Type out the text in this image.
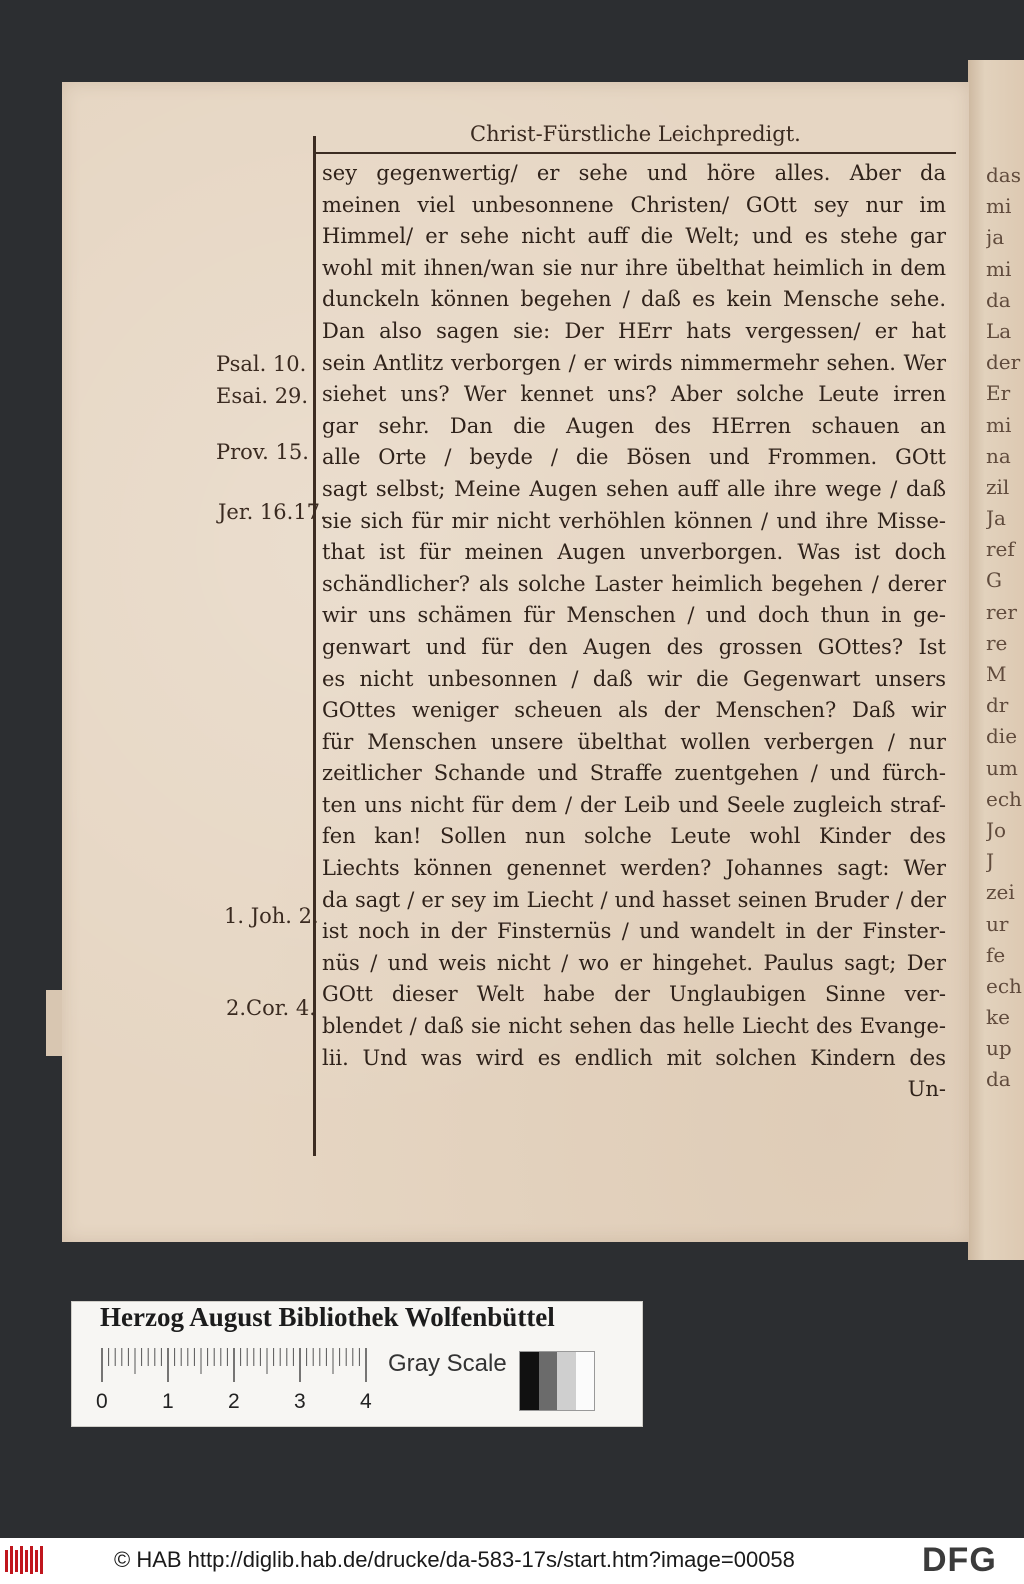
das
mi
ja
mi
da
La
der
Er
mi
na
zil
Ja
ref
G
rer
re
M
dr
die
um
ech
Jo
J
zei
ur
fe
ech
ke
up
da
Christ-Fürstliche Leichpredigt.
sey gegenwertig/ er sehe und höre alles. Aber da
meinen viel unbesonnene Christen/ GOtt sey nur im
Himmel/ er sehe nicht auff die Welt; und es stehe gar
wohl mit ihnen/wan sie nur ihre übelthat heimlich in dem
dunckeln können begehen / daß es kein Mensche sehe.
Dan also sagen sie: Der HErr hats vergessen/ er hat
sein Antlitz verborgen / er wirds nimmermehr sehen. Wer
siehet uns? Wer kennet uns? Aber solche Leute irren
gar sehr. Dan die Augen des HErren schauen an
alle Orte / beyde / die Bösen und Frommen. GOtt
sagt selbst; Meine Augen sehen auff alle ihre wege / daß
sie sich für mir nicht verhöhlen können / und ihre Misse-
that ist für meinen Augen unverborgen. Was ist doch
schändlicher? als solche Laster heimlich begehen / derer
wir uns schämen für Menschen / und doch thun in ge-
genwart und für den Augen des grossen GOttes? Ist
es nicht unbesonnen / daß wir die Gegenwart unsers
GOttes weniger scheuen als der Menschen? Daß wir
für Menschen unsere übelthat wollen verbergen / nur
zeitlicher Schande und Straffe zuentgehen / und fürch-
ten uns nicht für dem / der Leib und Seele zugleich straf-
fen kan! Sollen nun solche Leute wohl Kinder des
Liechts können genennet werden? Johannes sagt: Wer
da sagt / er sey im Liecht / und hasset seinen Bruder / der
ist noch in der Finsternüs / und wandelt in der Finster-
nüs / und weis nicht / wo er hingehet. Paulus sagt; Der
GOtt dieser Welt habe der Unglaubigen Sinne ver-
blendet / daß sie nicht sehen das helle Liecht des Evange-
lii. Und was wird es endlich mit solchen Kindern des
Un-
Psal. 10.
Esai. 29.
Prov. 15.
Jer. 16.17.
1. Joh. 2.
2.Cor. 4.
Herzog August Bibliothek Wolfenbüttel
0	1	2	3	4
Gray Scale
© HAB http://diglib.hab.de/drucke/da-583-17s/start.htm?image=00058	DFG
